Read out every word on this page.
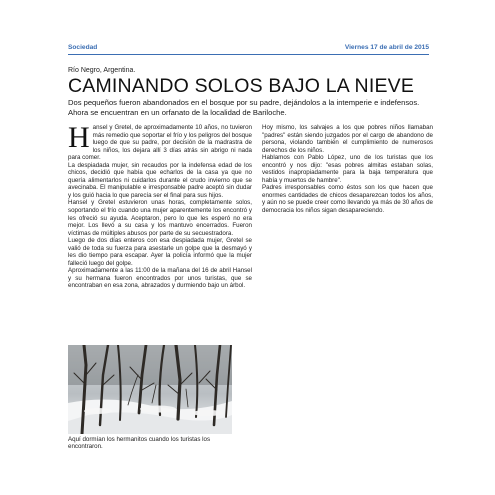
Sociedad	Viernes 17 de abril de 2015
Río Negro, Argentina.
CAMINANDO SOLOS BAJO LA NIEVE
Dos pequeños fueron abandonados en el bosque por su padre, dejándolos a la intemperie e indefensos. Ahora se encuentran en un orfanato de la localidad de Bariloche.

Hansel y Gretel, de aproximadamente 10 años, no tuvieron más remedio que soportar el frío y los peligros del bosque luego de que su padre, por decisión de la madrastra de los niños, los dejara allí 3 días atrás sin abrigo ni nada para comer.

La despiadada mujer, sin recaudos por la indefensa edad de los chicos, decidió que había que echarlos de la casa ya que no quería alimentarlos ni cuidarlos durante el crudo invierno que se avecinaba. El manipulable e irresponsable padre aceptó sin dudar y los guió hacia lo que parecía ser el final para sus hijos.

Hansel y Gretel estuvieron unas horas, completamente solos, soportando el frío cuando una mujer aparentemente los encontró y les ofreció su ayuda. Aceptaron, pero lo que les esperó no era mejor. Los llevó a su casa y los mantuvo encerrados. Fueron víctimas de múltiples abusos por parte de su secuestradora.

Luego de dos días enteros con esa despiadada mujer, Gretel se valió de toda su fuerza para asestarle un golpe que la desmayó y les dio tiempo para escapar. Ayer la policía informó que la mujer falleció luego del golpe.

Aproximadamente a las 11:00 de la mañana del 16 de abril Hansel y su hermana fueron encontrados por unos turistas, que se encontraban en esa zona, abrazados y durmiendo bajo un árbol.

Hoy mismo, los salvajes a los que pobres niños llamaban "padres" están siendo juzgados por el cargo de abandono de persona, violando también el cumplimiento de numerosos derechos de los niños.

Hablamos con Pablo López, uno de los turistas que los encontró y nos dijo: "esas pobres almitas estaban solas, vestidos inapropiadamente para la baja temperatura que había y muertos de hambre".

Padres irresponsables como éstos son los que hacen que enormes cantidades de chicos desaparezcan todos los años, y aún no se puede creer como llevando ya más de 30 años de democracia los niños sigan desapareciendo.

Aquí dormían los hermanitos cuando los turistas los encontraron.
